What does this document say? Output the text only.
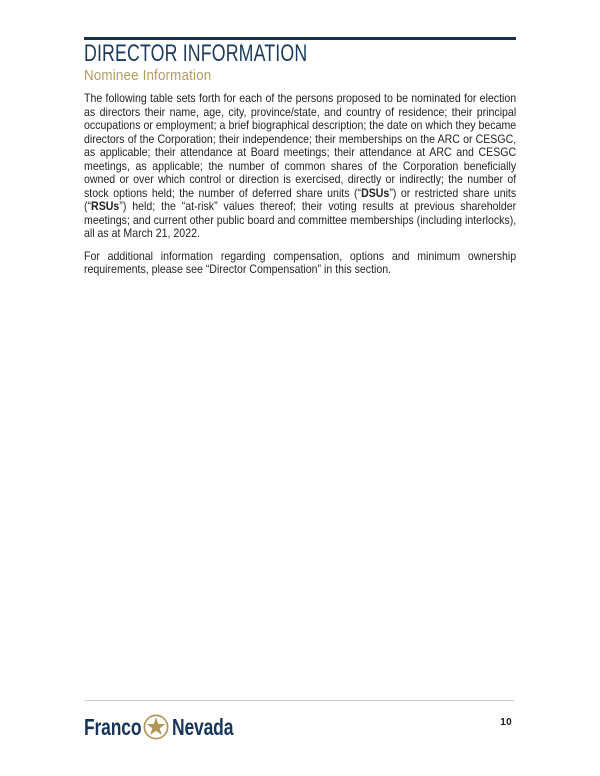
DIRECTOR INFORMATION
Nominee Information

The following table sets forth for each of the persons proposed to be nominated for election as directors their name, age, city, province/state, and country of residence; their principal occupations or employment; a brief biographical description; the date on which they became directors of the Corporation; their independence; their memberships on the ARC or CESGC, as applicable; their attendance at Board meetings; their attendance at ARC and CESGC meetings, as applicable; the number of common shares of the Corporation beneficially owned or over which control or direction is exercised, directly or indirectly; the number of stock options held; the number of deferred share units (“DSUs”) or restricted share units (“RSUs”) held; the “at-risk” values thereof; their voting results at previous shareholder meetings; and current other public board and committee memberships (including interlocks), all as at March 21, 2022.

For additional information regarding compensation, options and minimum ownership requirements, please see “Director Compensation” in this section.

Franco Nevada	10
